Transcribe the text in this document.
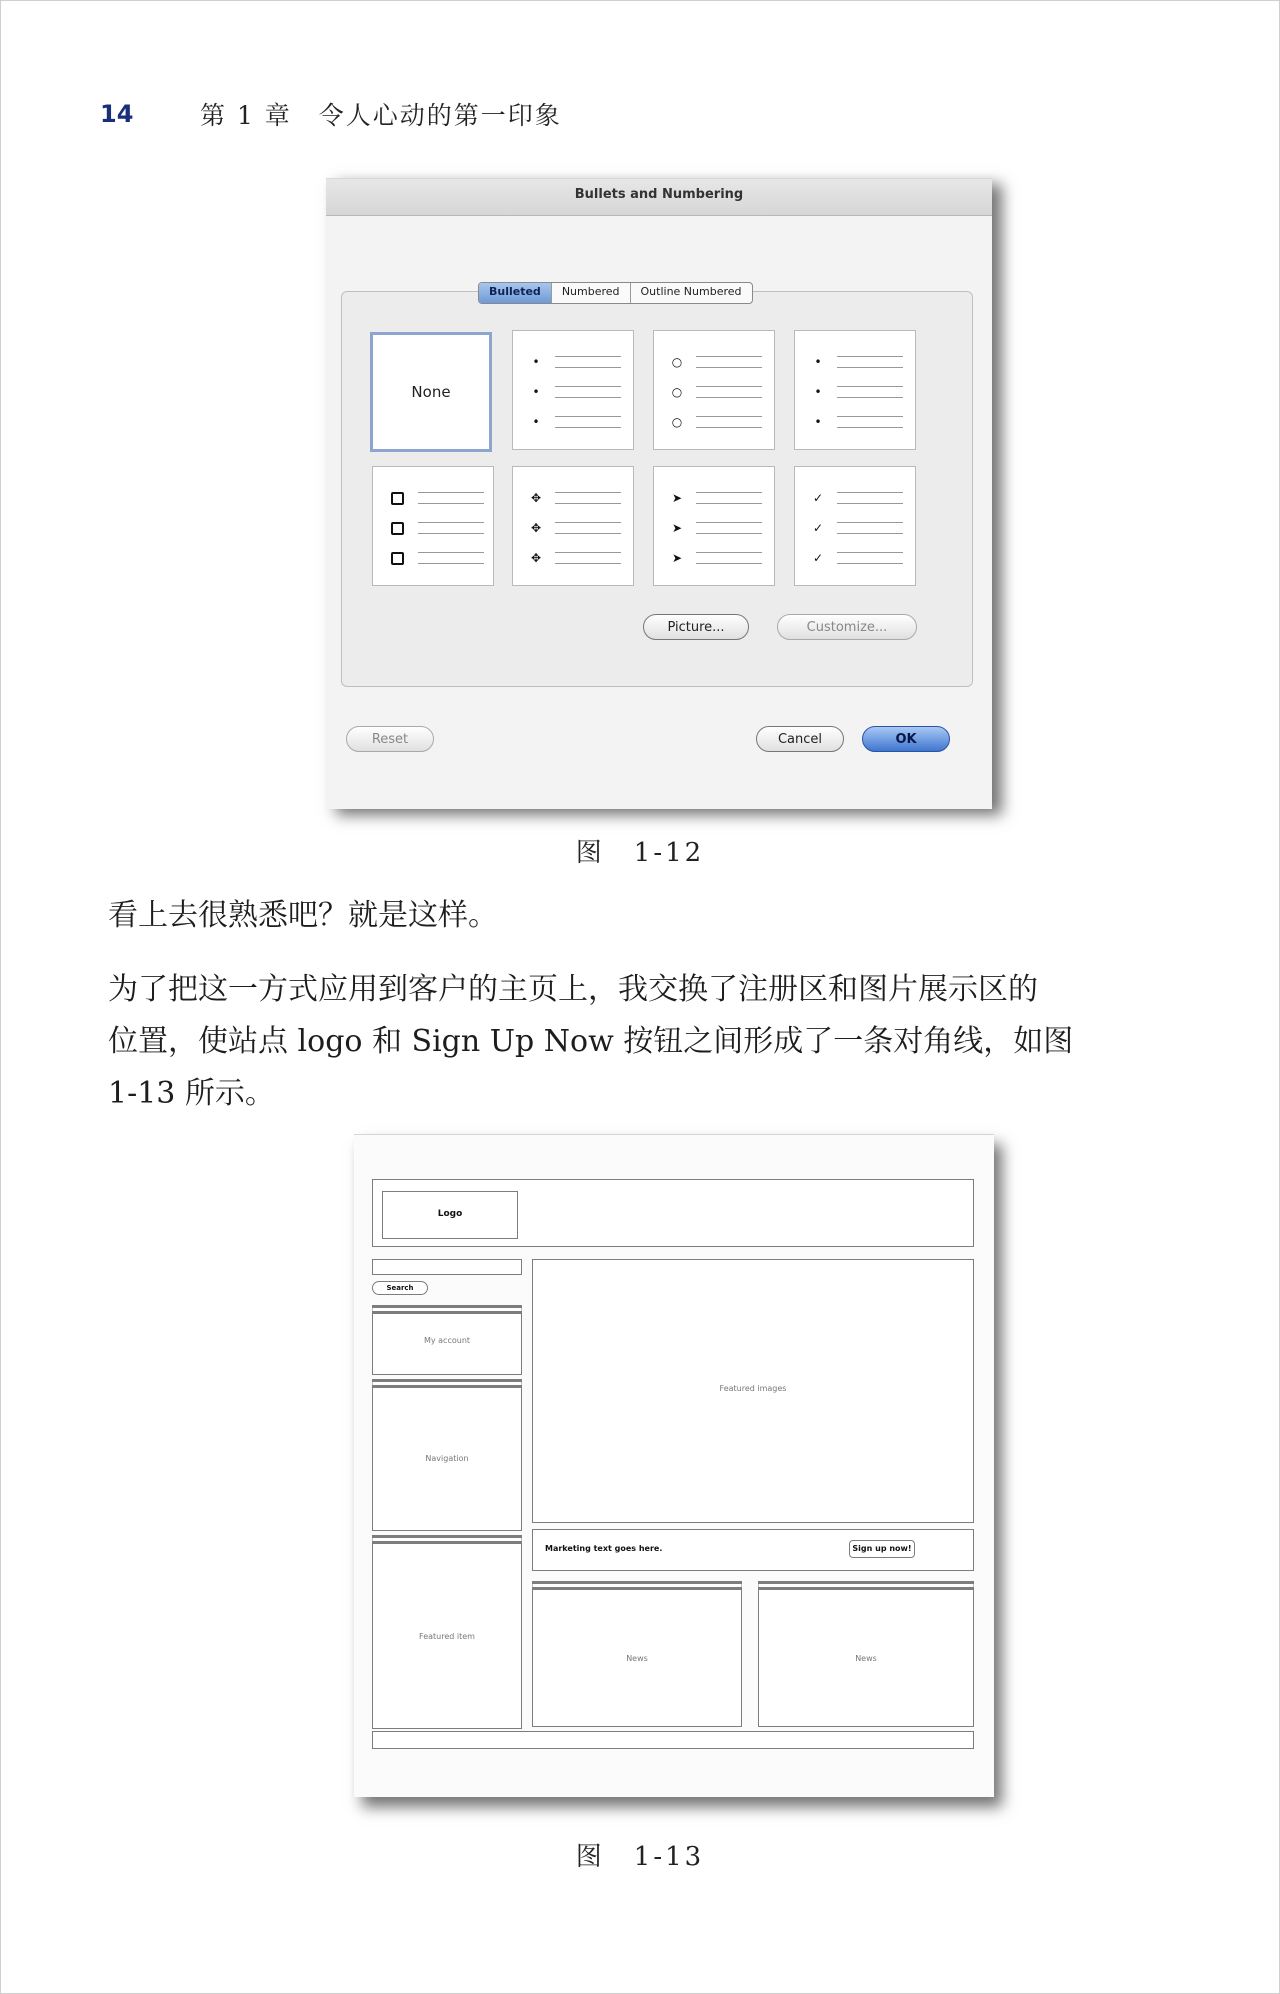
14	第 1 章　令人心动的第一印象
Bullets and Numbering
None
•
•
•
○
○
○
•
•
•
✥
✥
✥
➤
➤
➤
✓
✓
✓
Picture...	Customize...
Bulleted	Numbered	Outline Numbered
Reset	Cancel	OK
图　1-12

看上去很熟悉吧？就是这样。

为了把这一方式应用到客户的主页上，我交换了注册区和图片展示区的

位置，使站点 logo 和 Sign Up Now 按钮之间形成了一条对角线，如图

1-13 所示。

Logo
Search
My account
Navigation
Featured item
Featured images
Marketing text goes here.	Sign up now!
News	News
图　1-13
